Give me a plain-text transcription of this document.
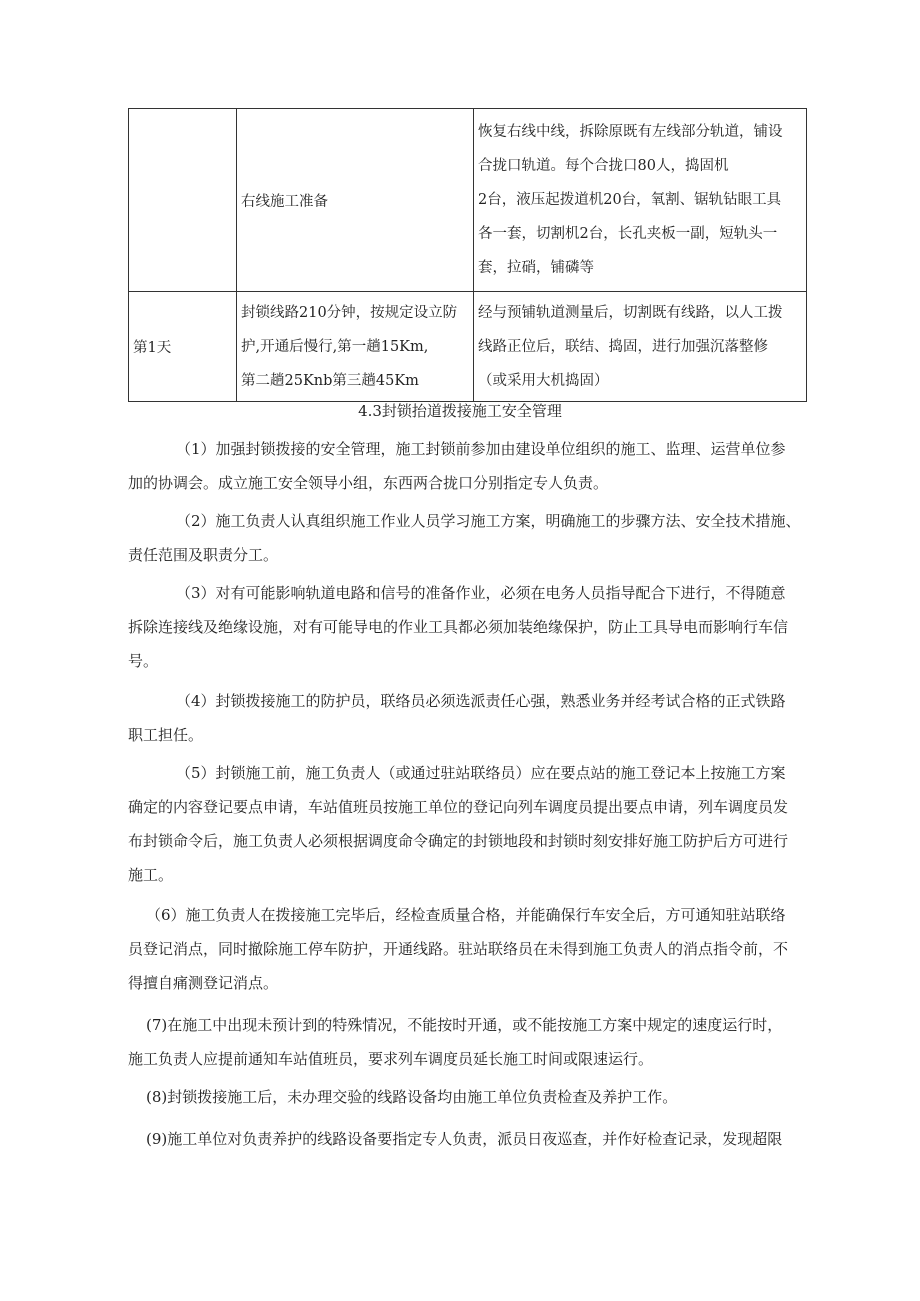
	右线施工准备	恢复右线中线，拆除原既有左线部分轨道，铺设
合拢口轨道。每个合拢口80人，捣固机
2台，液压起拨道机20台，氧割、锯轨钻眼工具
各一套，切割机2台，长孔夹板一副，短轨头一
套，拉硝，铺磷等

第1天	封锁线路210分钟，按规定设立防
护,开通后慢行,第一趟15Km,
第二趟25Knb第三趟45Km	经与预铺轨道测量后，切割既有线路，以人工拨
线路正位后，联结、捣固，进行加强沉落整修
（或采用大机捣固）
4.3封锁抬道拨接施工安全管理
（1）加强封锁拨接的安全管理，施工封锁前参加由建设单位组织的施工、监理、运营单位参
加的协调会。成立施工安全领导小组，东西两合拢口分别指定专人负责。
（2）施工负责人认真组织施工作业人员学习施工方案，明确施工的步骤方法、安全技术措施、
责任范围及职责分工。
（3）对有可能影响轨道电路和信号的准备作业，必须在电务人员指导配合下进行，不得随意
拆除连接线及绝缘设施，对有可能导电的作业工具都必须加装绝缘保护，防止工具导电而影响行车信
号。
（4）封锁拨接施工的防护员，联络员必须选派责任心强，熟悉业务并经考试合格的正式铁路
职工担任。
（5）封锁施工前，施工负责人（或通过驻站联络员）应在要点站的施工登记本上按施工方案
确定的内容登记要点申请，车站值班员按施工单位的登记向列车调度员提出要点申请，列车调度员发
布封锁命令后，施工负责人必须根据调度命令确定的封锁地段和封锁时刻安排好施工防护后方可进行
施工。
（6）施工负责人在拨接施工完毕后，经检查质量合格，并能确保行车安全后，方可通知驻站联络
员登记消点，同时撤除施工停车防护，开通线路。驻站联络员在未得到施工负责人的消点指令前，不
得擅自痛测登记消点。
(7)在施工中出现未预计到的特殊情况，不能按时开通，或不能按施工方案中规定的速度运行时，
施工负责人应提前通知车站值班员，要求列车调度员延长施工时间或限速运行。
(8)封锁拨接施工后，未办理交验的线路设备均由施工单位负责检查及养护工作。
(9)施工单位对负责养护的线路设备要指定专人负责，派员日夜巡查，并作好检查记录，发现超限
